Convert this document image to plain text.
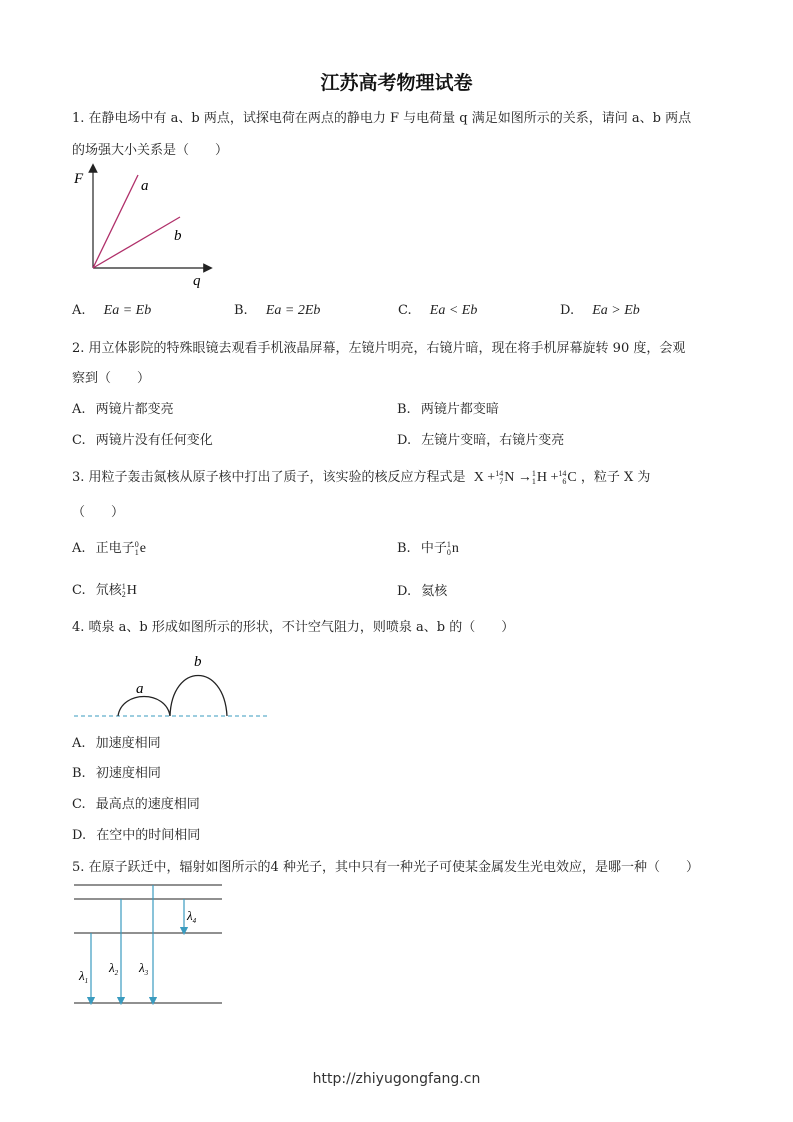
江苏高考物理试卷
1. 在静电场中有 a、b 两点，试探电荷在两点的静电力 F 与电荷量 q 满足如图所示的关系，请问 a、b 两点
的场强大小关系是（　　）
F
q
a
b
A. Ea = Eb	B. Ea = 2Eb	C. Ea < Eb	D. Ea > Eb
2. 用立体影院的特殊眼镜去观看手机液晶屏幕，左镜片明亮，右镜片暗，现在将手机屏幕旋转 90 度，会观
察到（　　）
A. 两镜片都变亮	B. 两镜片都变暗
C. 两镜片没有任何变化	D. 左镜片变暗，右镜片变亮
3. 用粒子轰击氮核从原子核中打出了质子，该实验的核反应方程式是 X + 14
7 N → 1
1 H + 14
6 C ，粒子 X 为
（　　）
A. 正电子 0
1 e	B. 中子 1
0 n
C. 氘核 1
2 H	D. 氦核
4. 喷泉 a、b 形成如图所示的形状，不计空气阻力，则喷泉 a、b 的（　　）
a
b
A. 加速度相同
B. 初速度相同
C. 最高点的速度相同
D. 在空中的时间相同
5. 在原子跃迁中，辐射如图所示的4 种光子，其中只有一种光子可使某金属发生光电效应，是哪一种（　　）
$\lambda_1$
$\lambda_2$ $\lambda_3$
$\lambda_4$
http://zhiyugongfang.cn
